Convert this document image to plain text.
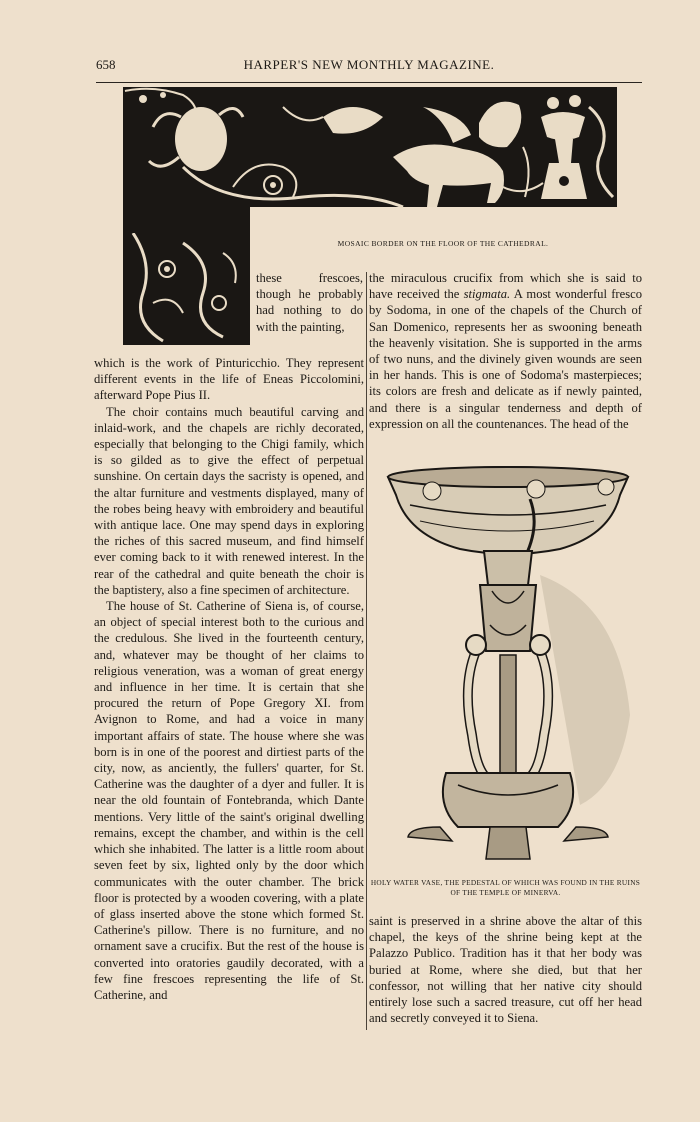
658	HARPER'S NEW MONTHLY MAGAZINE.
MOSAIC BORDER ON THE FLOOR OF THE CATHEDRAL.

these frescoes, though he probably had nothing to do with the painting,

which is the work of Pinturicchio. They represent different events in the life of Eneas Piccolomini, afterward Pope Pius II.

The choir contains much beautiful carving and inlaid-work, and the chapels are richly decorated, especially that belonging to the Chigi family, which is so gilded as to give the effect of perpetual sunshine. On certain days the sacristy is opened, and the altar furniture and vestments displayed, many of the robes being heavy with embroidery and beautiful with antique lace. One may spend days in exploring the riches of this sacred museum, and find himself ever coming back to it with renewed interest. In the rear of the cathedral and quite beneath the choir is the baptistery, also a fine specimen of architecture.

The house of St. Catherine of Siena is, of course, an object of special interest both to the curious and the credulous. She lived in the fourteenth century, and, whatever may be thought of her claims to religious veneration, was a woman of great energy and influence in her time. It is certain that she procured the return of Pope Gregory XI. from Avignon to Rome, and had a voice in many important affairs of state. The house where she was born is in one of the poorest and dirtiest parts of the city, now, as anciently, the fullers' quarter, for St. Catherine was the daughter of a dyer and fuller. It is near the old fountain of Fontebranda, which Dante mentions. Very little of the saint's original dwelling remains, except the chamber, and within is the cell which she inhabited. The latter is a little room about seven feet by six, lighted only by the door which communicates with the outer chamber. The brick floor is protected by a wooden covering, with a plate of glass inserted above the stone which formed St. Catherine's pillow. There is no furniture, and no ornament save a crucifix. But the rest of the house is converted into oratories gaudily decorated, with a few fine frescoes representing the life of St. Catherine, and

the miraculous crucifix from which she is said to have received the stigmata. A most wonderful fresco by Sodoma, in one of the chapels of the Church of San Domenico, represents her as swooning beneath the heavenly visitation. She is supported in the arms of two nuns, and the divinely given wounds are seen in her hands. This is one of Sodoma's masterpieces; its colors are fresh and delicate as if newly painted, and there is a singular tenderness and depth of expression on all the countenances. The head of the

HOLY WATER VASE, THE PEDESTAL OF WHICH WAS FOUND IN THE RUINS OF THE TEMPLE OF MINERVA.

saint is preserved in a shrine above the altar of this chapel, the keys of the shrine being kept at the Palazzo Publico. Tradition has it that her body was buried at Rome, where she died, but that her confessor, not willing that her native city should entirely lose such a sacred treasure, cut off her head and secretly conveyed it to Siena.
